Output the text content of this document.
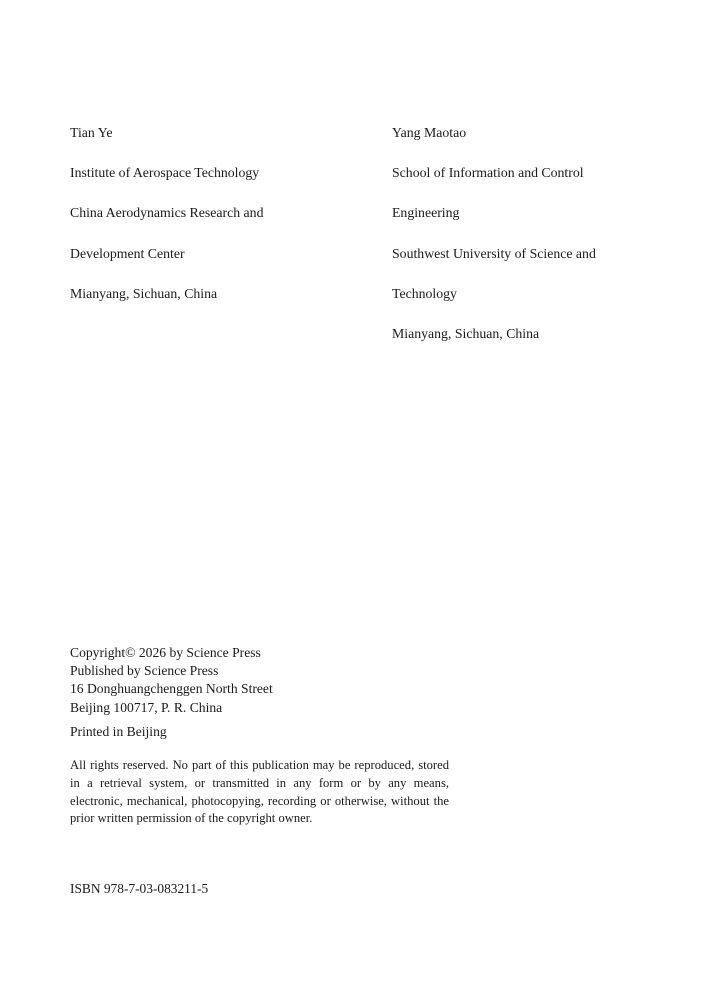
Tian Ye

Institute of Aerospace Technology

China Aerodynamics Research and

Development Center

Mianyang, Sichuan, China

Yang Maotao

School of Information and Control

Engineering

Southwest University of Science and

Technology

Mianyang, Sichuan, China

Copyright© 2026 by Science Press
Published by Science Press
16 Donghuangchenggen North Street
Beijing 100717, P. R. China
Printed in Beijing
All rights reserved. No part of this publication may be reproduced, stored in a retrieval system, or transmitted in any form or by any means, electronic, mechanical, photocopying, recording or otherwise, without the prior written permission of the copyright owner.
ISBN 978-7-03-083211-5
